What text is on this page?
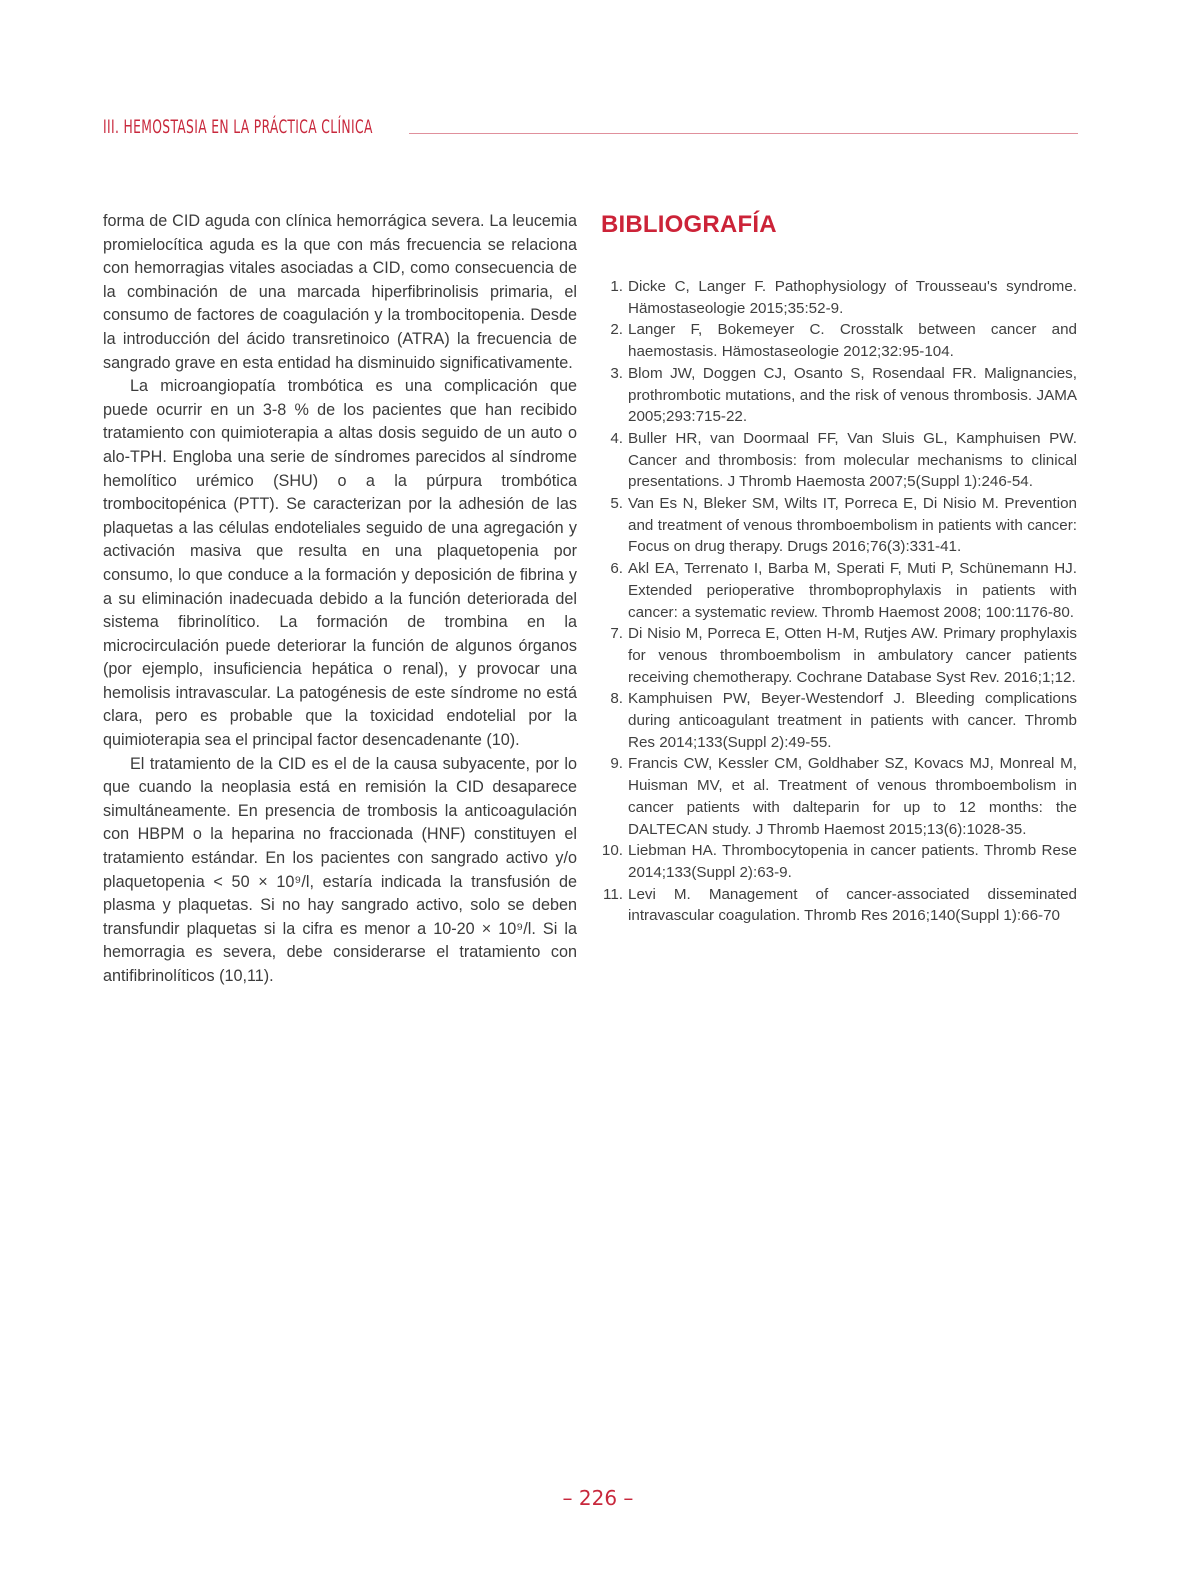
III. HEMOSTASIA EN LA PRÁCTICA CLÍNICA

forma de CID aguda con clínica hemorrágica severa. La leucemia promielocítica aguda es la que con más frecuencia se relaciona con hemorragias vitales asociadas a CID, como consecuencia de la combinación de una marcada hiperfibrinolisis primaria, el consumo de factores de coagulación y la trombocitopenia. Desde la introducción del ácido transretinoico (ATRA) la frecuencia de sangrado grave en esta entidad ha disminuido significativamente.

La microangiopatía trombótica es una complicación que puede ocurrir en un 3-8 % de los pacientes que han recibido tratamiento con quimioterapia a altas dosis seguido de un auto o alo-TPH. Engloba una serie de síndromes parecidos al síndrome hemolítico urémico (SHU) o a la púrpura trombótica trombocitopénica (PTT). Se caracterizan por la adhesión de las plaquetas a las células endoteliales seguido de una agregación y activación masiva que resulta en una plaquetopenia por consumo, lo que conduce a la formación y deposición de fibrina y a su eliminación inadecuada debido a la función deteriorada del sistema fibrinolítico. La formación de trombina en la microcirculación puede deteriorar la función de algunos órganos (por ejemplo, insuficiencia hepática o renal), y provocar una hemolisis intravascular. La patogénesis de este síndrome no está clara, pero es probable que la toxicidad endotelial por la quimioterapia sea el principal factor desencadenante (10).

El tratamiento de la CID es el de la causa subyacente, por lo que cuando la neoplasia está en remisión la CID desaparece simultáneamente. En presencia de trombosis la anticoagulación con HBPM o la heparina no fraccionada (HNF) constituyen el tratamiento estándar. En los pacientes con sangrado activo y/o plaquetopenia < 50 × 10⁹/l, estaría indicada la transfusión de plasma y plaquetas. Si no hay sangrado activo, solo se deben transfundir plaquetas si la cifra es menor a 10-20 × 10⁹/l. Si la hemorragia es severa, debe considerarse el tratamiento con antifibrinolíticos (10,11).

BIBLIOGRAFÍA
1. Dicke C, Langer F. Pathophysiology of Trousseau's syndrome. Hämostaseologie 2015;35:52-9.
2. Langer F, Bokemeyer C. Crosstalk between cancer and haemostasis. Hämostaseologie 2012;32:95-104.
3. Blom JW, Doggen CJ, Osanto S, Rosendaal FR. Malignancies, prothrombotic mutations, and the risk of venous thrombosis. JAMA 2005;293:715-22.
4. Buller HR, van Doormaal FF, Van Sluis GL, Kamphuisen PW. Cancer and thrombosis: from molecular mechanisms to clinical presentations. J Thromb Haemosta 2007;5(Suppl 1):246-54.
5. Van Es N, Bleker SM, Wilts IT, Porreca E, Di Nisio M. Prevention and treatment of venous thromboembolism in patients with cancer: Focus on drug therapy. Drugs 2016;76(3):331-41.
6. Akl EA, Terrenato I, Barba M, Sperati F, Muti P, Schünemann HJ. Extended perioperative thromboprophylaxis in patients with cancer: a systematic review. Thromb Haemost 2008; 100:1176-80.
7. Di Nisio M, Porreca E, Otten H-M, Rutjes AW. Primary prophylaxis for venous thromboembolism in ambulatory cancer patients receiving chemotherapy. Cochrane Database Syst Rev. 2016;1;12.
8. Kamphuisen PW, Beyer-Westendorf J. Bleeding complications during anticoagulant treatment in patients with cancer. Thromb Res 2014;133(Suppl 2):49-55.
9. Francis CW, Kessler CM, Goldhaber SZ, Kovacs MJ, Monreal M, Huisman MV, et al. Treatment of venous thromboembolism in cancer patients with dalteparin for up to 12 months: the DALTECAN study. J Thromb Haemost 2015;13(6):1028-35.
10. Liebman HA. Thrombocytopenia in cancer patients. Thromb Rese 2014;133(Suppl 2):63-9.
11. Levi M. Management of cancer-associated disseminated intravascular coagulation. Thromb Res 2016;140(Suppl 1):66-70
– 226 –
